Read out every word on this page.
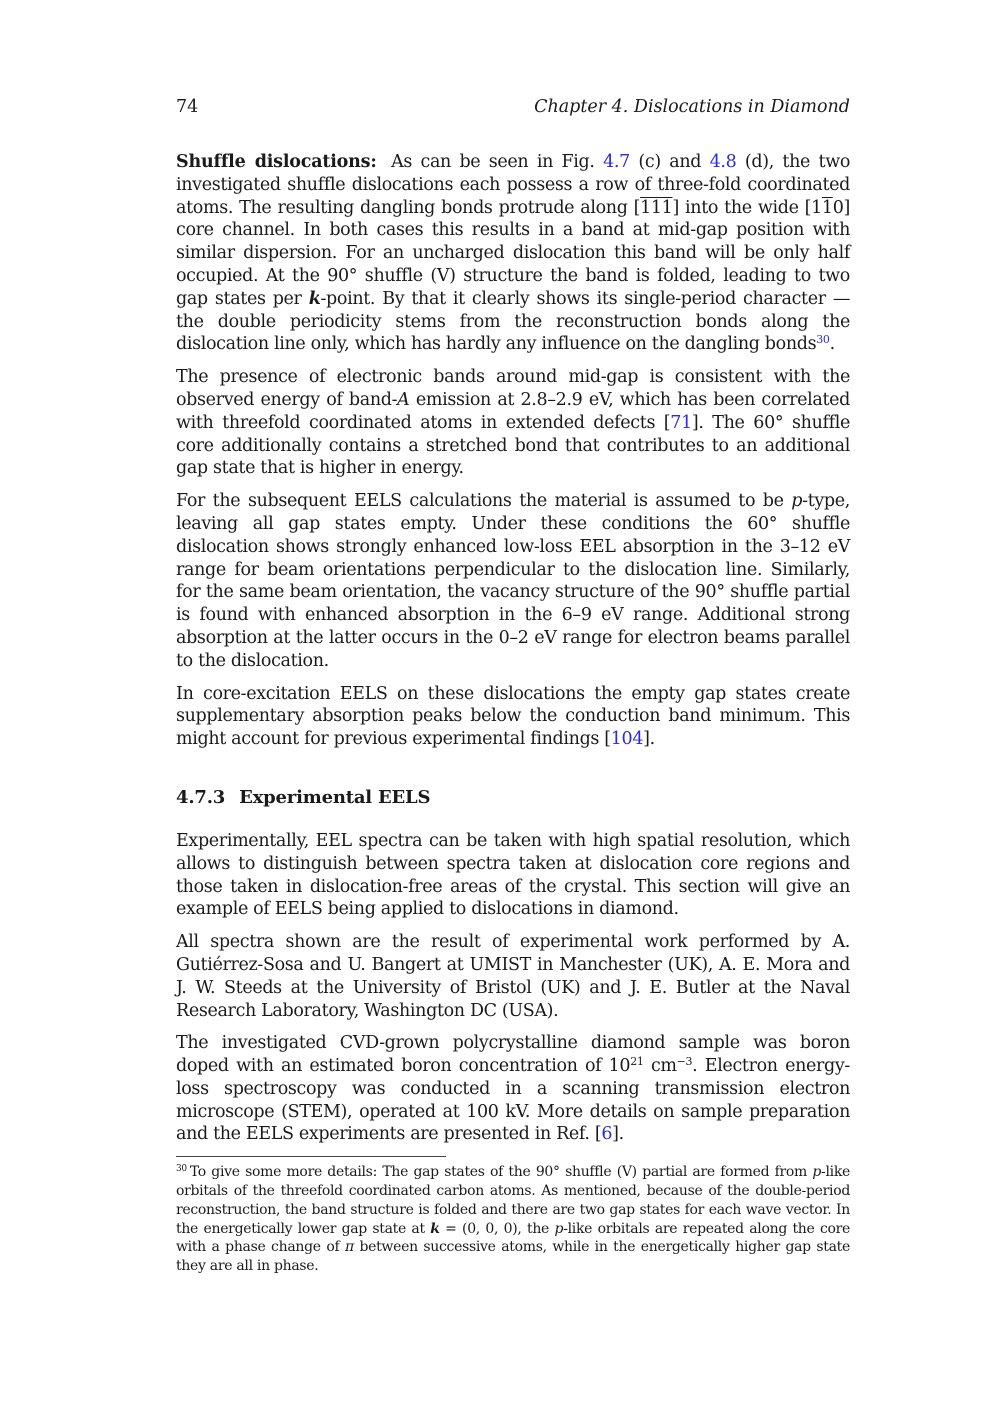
74	Chapter 4. Dislocations in Diamond

Shuffle dislocations: As can be seen in Fig. 4.7 (c) and 4.8 (d), the two investigated shuffle dislocations each possess a row of three-fold coordinated atoms. The resulting dangling bonds protrude along [111] into the wide [110] core channel. In both cases this results in a band at mid-gap position with similar dispersion. For an uncharged dislocation this band will be only half occupied. At the 90° shuffle (V) structure the band is folded, leading to two gap states per k-point. By that it clearly shows its single-period character — the double periodicity stems from the reconstruction bonds along the dislocation line only, which has hardly any influence on the dangling bonds$^{30}$.

The presence of electronic bands around mid-gap is consistent with the observed energy of band-A emission at 2.8–2.9 eV, which has been correlated with threefold coordinated atoms in extended defects [71]. The 60° shuffle core additionally contains a stretched bond that contributes to an additional gap state that is higher in energy.

For the subsequent EELS calculations the material is assumed to be p-type, leaving all gap states empty. Under these conditions the 60° shuffle dislocation shows strongly enhanced low-loss EEL absorption in the 3–12 eV range for beam orientations perpendicular to the dislocation line. Similarly, for the same beam orientation, the vacancy structure of the 90° shuffle partial is found with enhanced absorption in the 6–9 eV range. Additional strong absorption at the latter occurs in the 0–2 eV range for electron beams parallel to the dislocation.

In core-excitation EELS on these dislocations the empty gap states create supplementary absorption peaks below the conduction band minimum. This might account for previous experimental findings [104].

4.7.3 Experimental EELS

Experimentally, EEL spectra can be taken with high spatial resolution, which allows to distinguish between spectra taken at dislocation core regions and those taken in dislocation-free areas of the crystal. This section will give an example of EELS being applied to dislocations in diamond.

All spectra shown are the result of experimental work performed by A. Gutiérrez-Sosa and U. Bangert at UMIST in Manchester (UK), A. E. Mora and J. W. Steeds at the University of Bristol (UK) and J. E. Butler at the Naval Research Laboratory, Washington DC (USA).

The investigated CVD-grown polycrystalline diamond sample was boron doped with an estimated boron concentration of $10^{21}$ $cm^{-3}$. Electron energy-loss spectroscopy was conducted in a scanning transmission electron microscope (STEM), operated at 100 kV. More details on sample preparation and the EELS experiments are presented in Ref. [6].

$^{30}$ To give some more details: The gap states of the 90° shuffle (V) partial are formed from p-like orbitals of the threefold coordinated carbon atoms. As mentioned, because of the double-period reconstruction, the band structure is folded and there are two gap states for each wave vector. In the energetically lower gap state at k = (0, 0, 0), the p-like orbitals are repeated along the core with a phase change of π between successive atoms, while in the energetically higher gap state they are all in phase.
